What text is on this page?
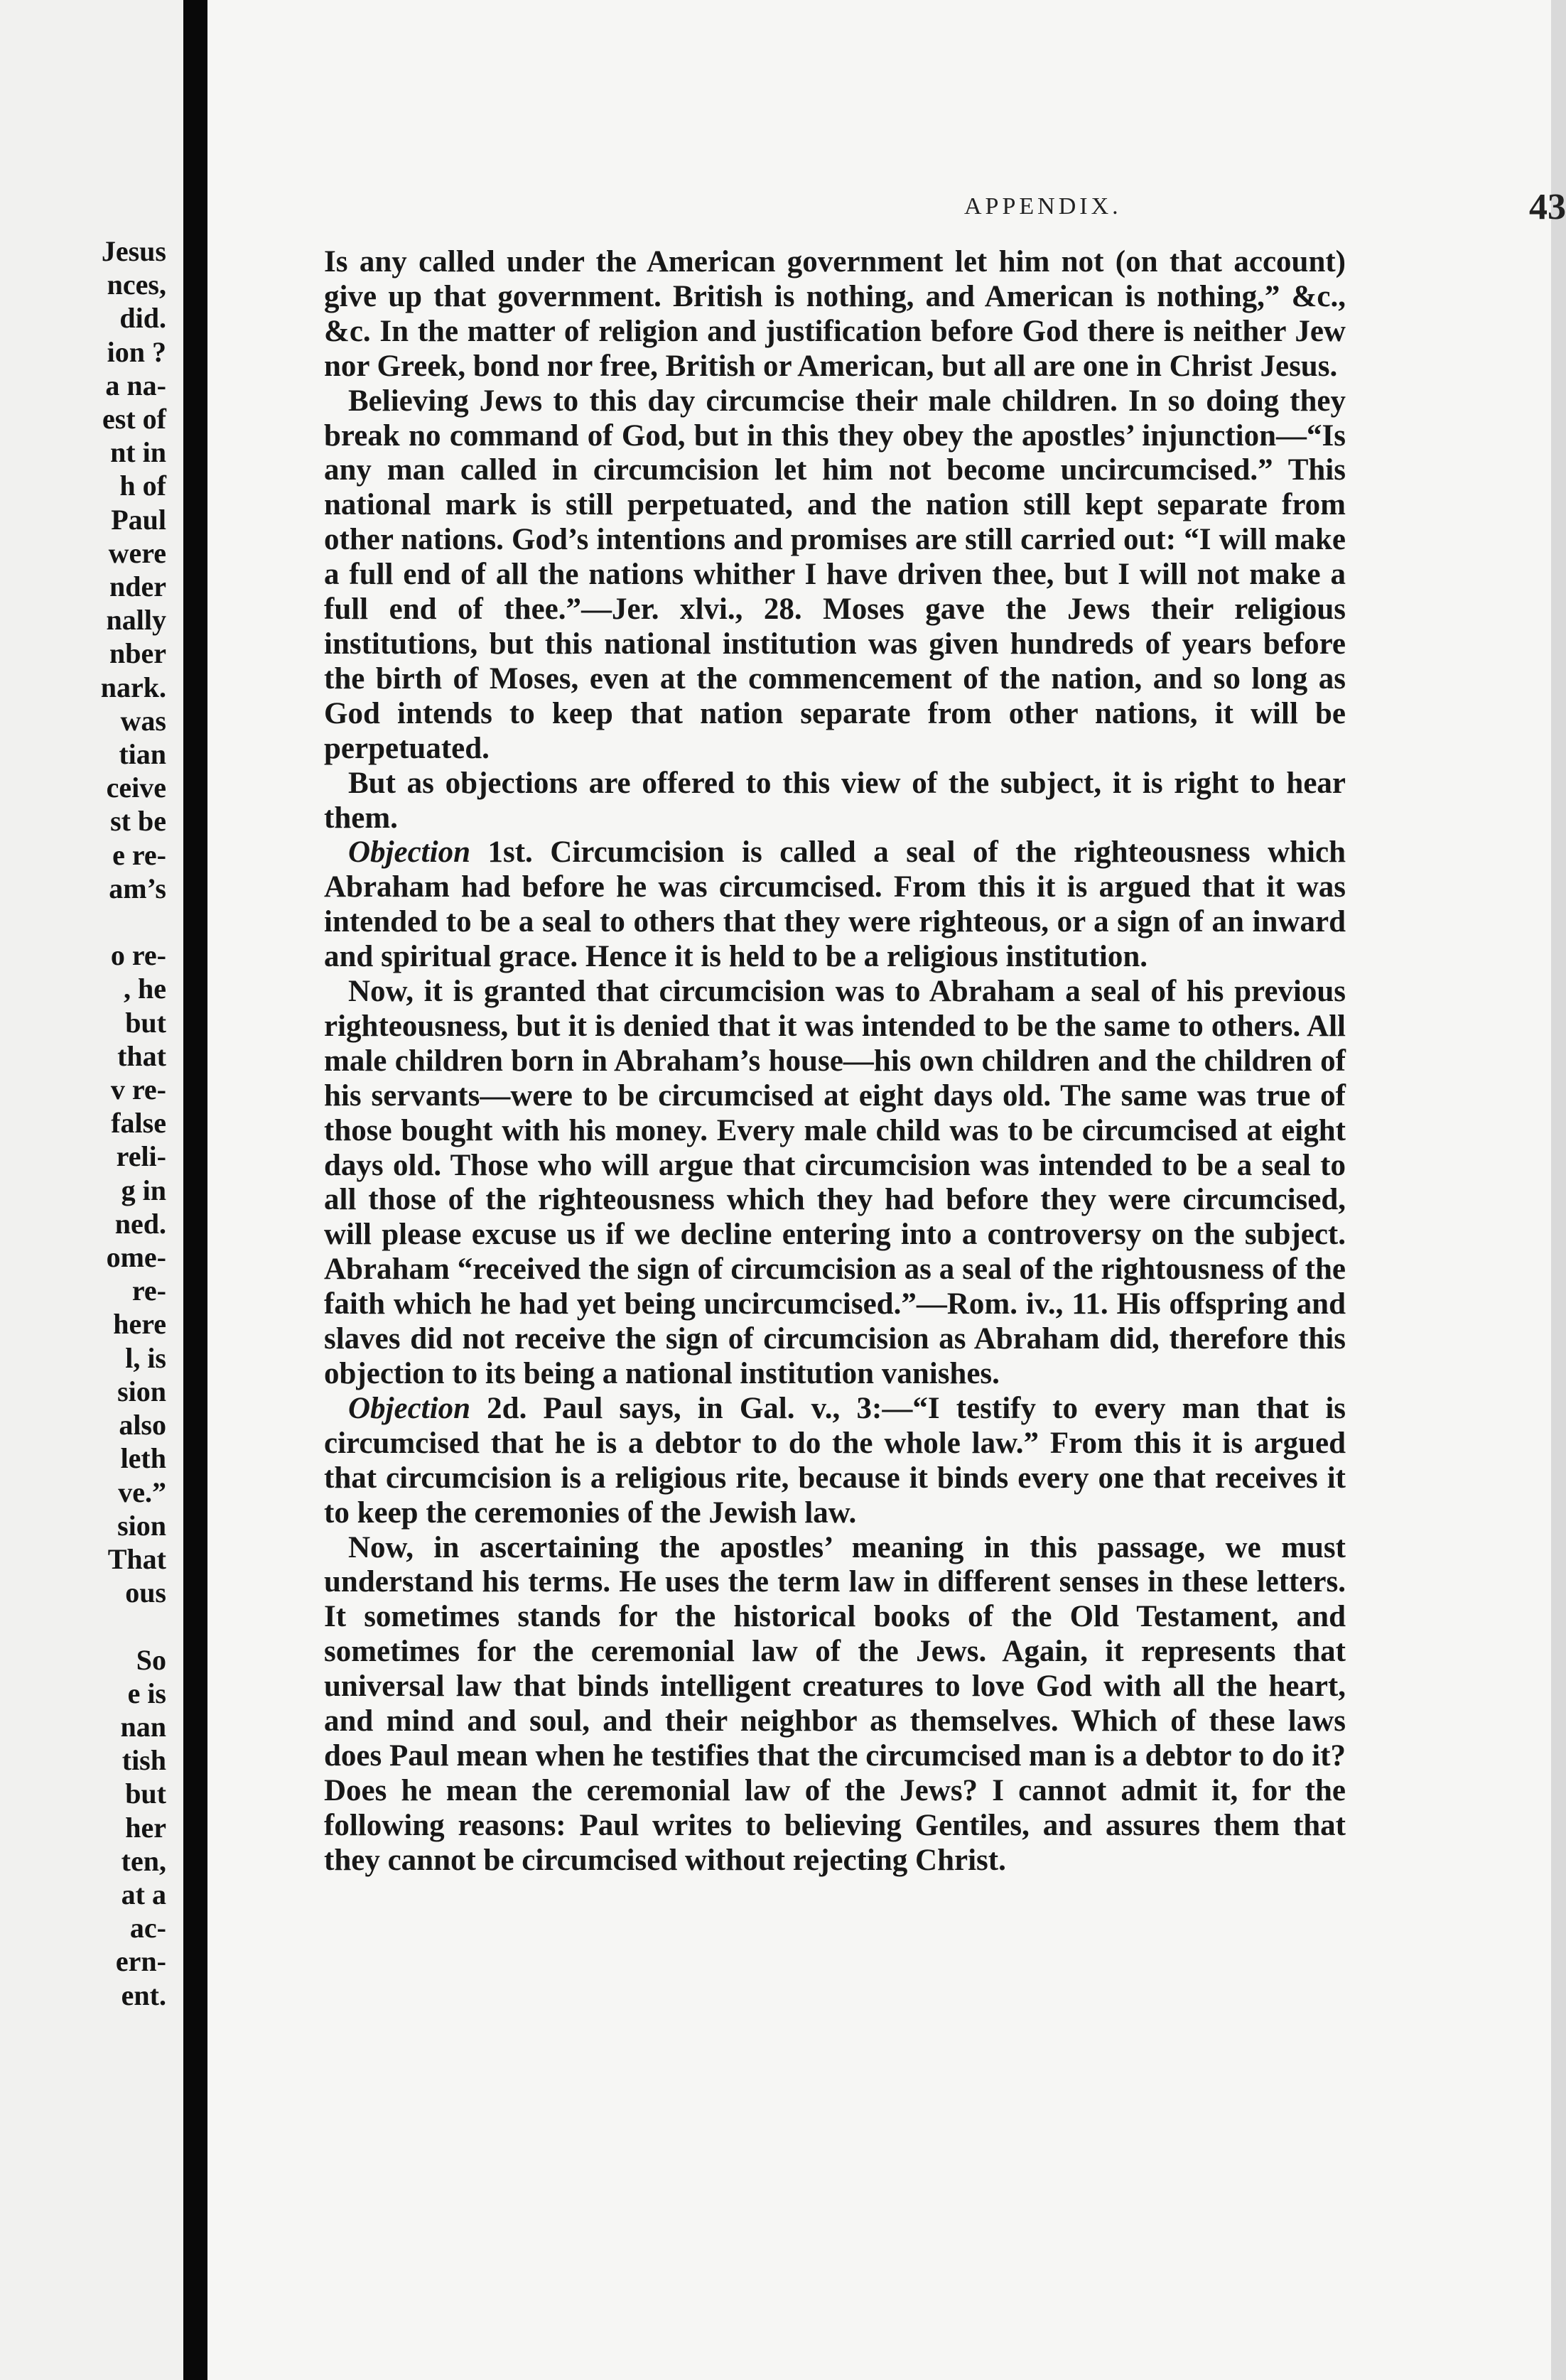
Jesus
nces,
did.
ion ?
a na-
est of
nt in
h of
Paul
were
nder
nally
nber
nark.
was
tian
ceive
st be
e re-
am’s
o re-
, he
but
that
v re-
false
reli-
g in
ned.
ome-
re-
here
l, is
sion
also
leth
ve.”
sion
That
ous
So
e is
nan
tish
but
her
ten,
at a
ac-
ern-
ent.
APPENDIX.	43

Is any called under the American government let him not (on that account) give up that government. British is nothing, and American is nothing,” &c., &c. In the matter of religion and justification before God there is neither Jew nor Greek, bond nor free, British or American, but all are one in Christ Jesus.

Believing Jews to this day circumcise their male children. In so doing they break no command of God, but in this they obey the apostles’ injunction—“Is any man called in circumcision let him not become uncircumcised.” This national mark is still perpetuated, and the nation still kept separate from other nations. God’s intentions and promises are still carried out: “I will make a full end of all the nations whither I have driven thee, but I will not make a full end of thee.”—Jer. xlvi., 28. Moses gave the Jews their religious institutions, but this national institution was given hundreds of years before the birth of Moses, even at the commencement of the nation, and so long as God intends to keep that nation separate from other nations, it will be perpetuated.

But as objections are offered to this view of the subject, it is right to hear them.

Objection 1st. Circumcision is called a seal of the righteousness which Abraham had before he was circumcised. From this it is argued that it was intended to be a seal to others that they were righteous, or a sign of an inward and spiritual grace. Hence it is held to be a religious institution.

Now, it is granted that circumcision was to Abraham a seal of his previous righteousness, but it is denied that it was intended to be the same to others. All male children born in Abraham’s house—his own children and the children of his servants—were to be circumcised at eight days old. The same was true of those bought with his money. Every male child was to be circumcised at eight days old. Those who will argue that circumcision was intended to be a seal to all those of the righteousness which they had before they were circumcised, will please excuse us if we decline entering into a controversy on the subject. Abraham “received the sign of circumcision as a seal of the rightousness of the faith which he had yet being uncircumcised.”—Rom. iv., 11. His offspring and slaves did not receive the sign of circumcision as Abraham did, therefore this objection to its being a national institution vanishes.

Objection 2d. Paul says, in Gal. v., 3:—“I testify to every man that is circumcised that he is a debtor to do the whole law.” From this it is argued that circumcision is a religious rite, because it binds every one that receives it to keep the ceremonies of the Jewish law.

Now, in ascertaining the apostles’ meaning in this passage, we must understand his terms. He uses the term law in different senses in these letters. It sometimes stands for the historical books of the Old Testament, and sometimes for the ceremonial law of the Jews. Again, it represents that universal law that binds intelligent creatures to love God with all the heart, and mind and soul, and their neighbor as themselves. Which of these laws does Paul mean when he testifies that the circumcised man is a debtor to do it? Does he mean the ceremonial law of the Jews? I cannot admit it, for the following reasons: Paul writes to believing Gentiles, and assures them that they cannot be circumcised without rejecting Christ.
